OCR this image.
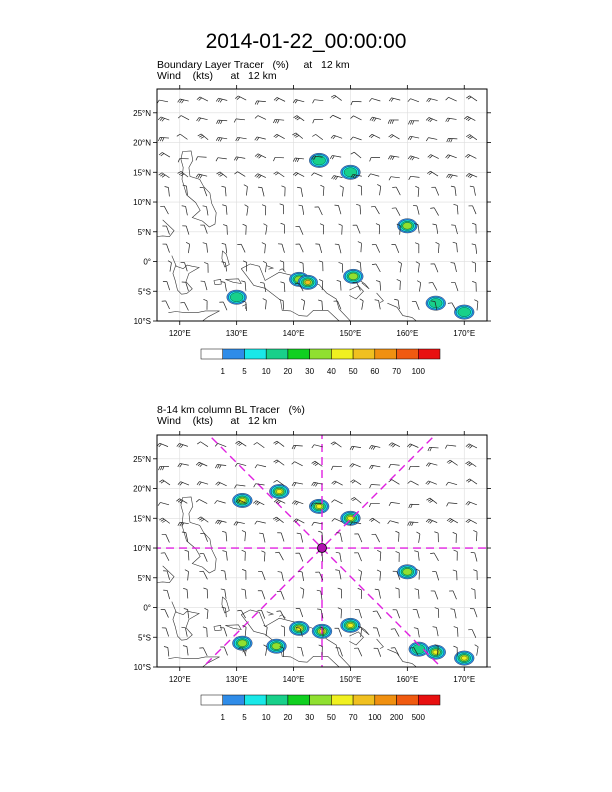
2014-01-22_00:00:00
Boundary Layer Tracer   (%)     at   12 km
Wind    (kts)      at   12 km
8-14 km column BL Tracer   (%)
Wind    (kts)      at   12 km
120°E	130°E	140°E	150°E	160°E	170°E
25°N
20°N
15°N
10°N
5°N
0°
5°S
10°S
1 5 10 20 30 40 50 60 70 100
120°E	130°E	140°E	150°E	160°E	170°E
25°N
20°N
15°N
10°N
5°N
0°
5°S
10°S
1 5 10 20 30 50 70 100 200 500
